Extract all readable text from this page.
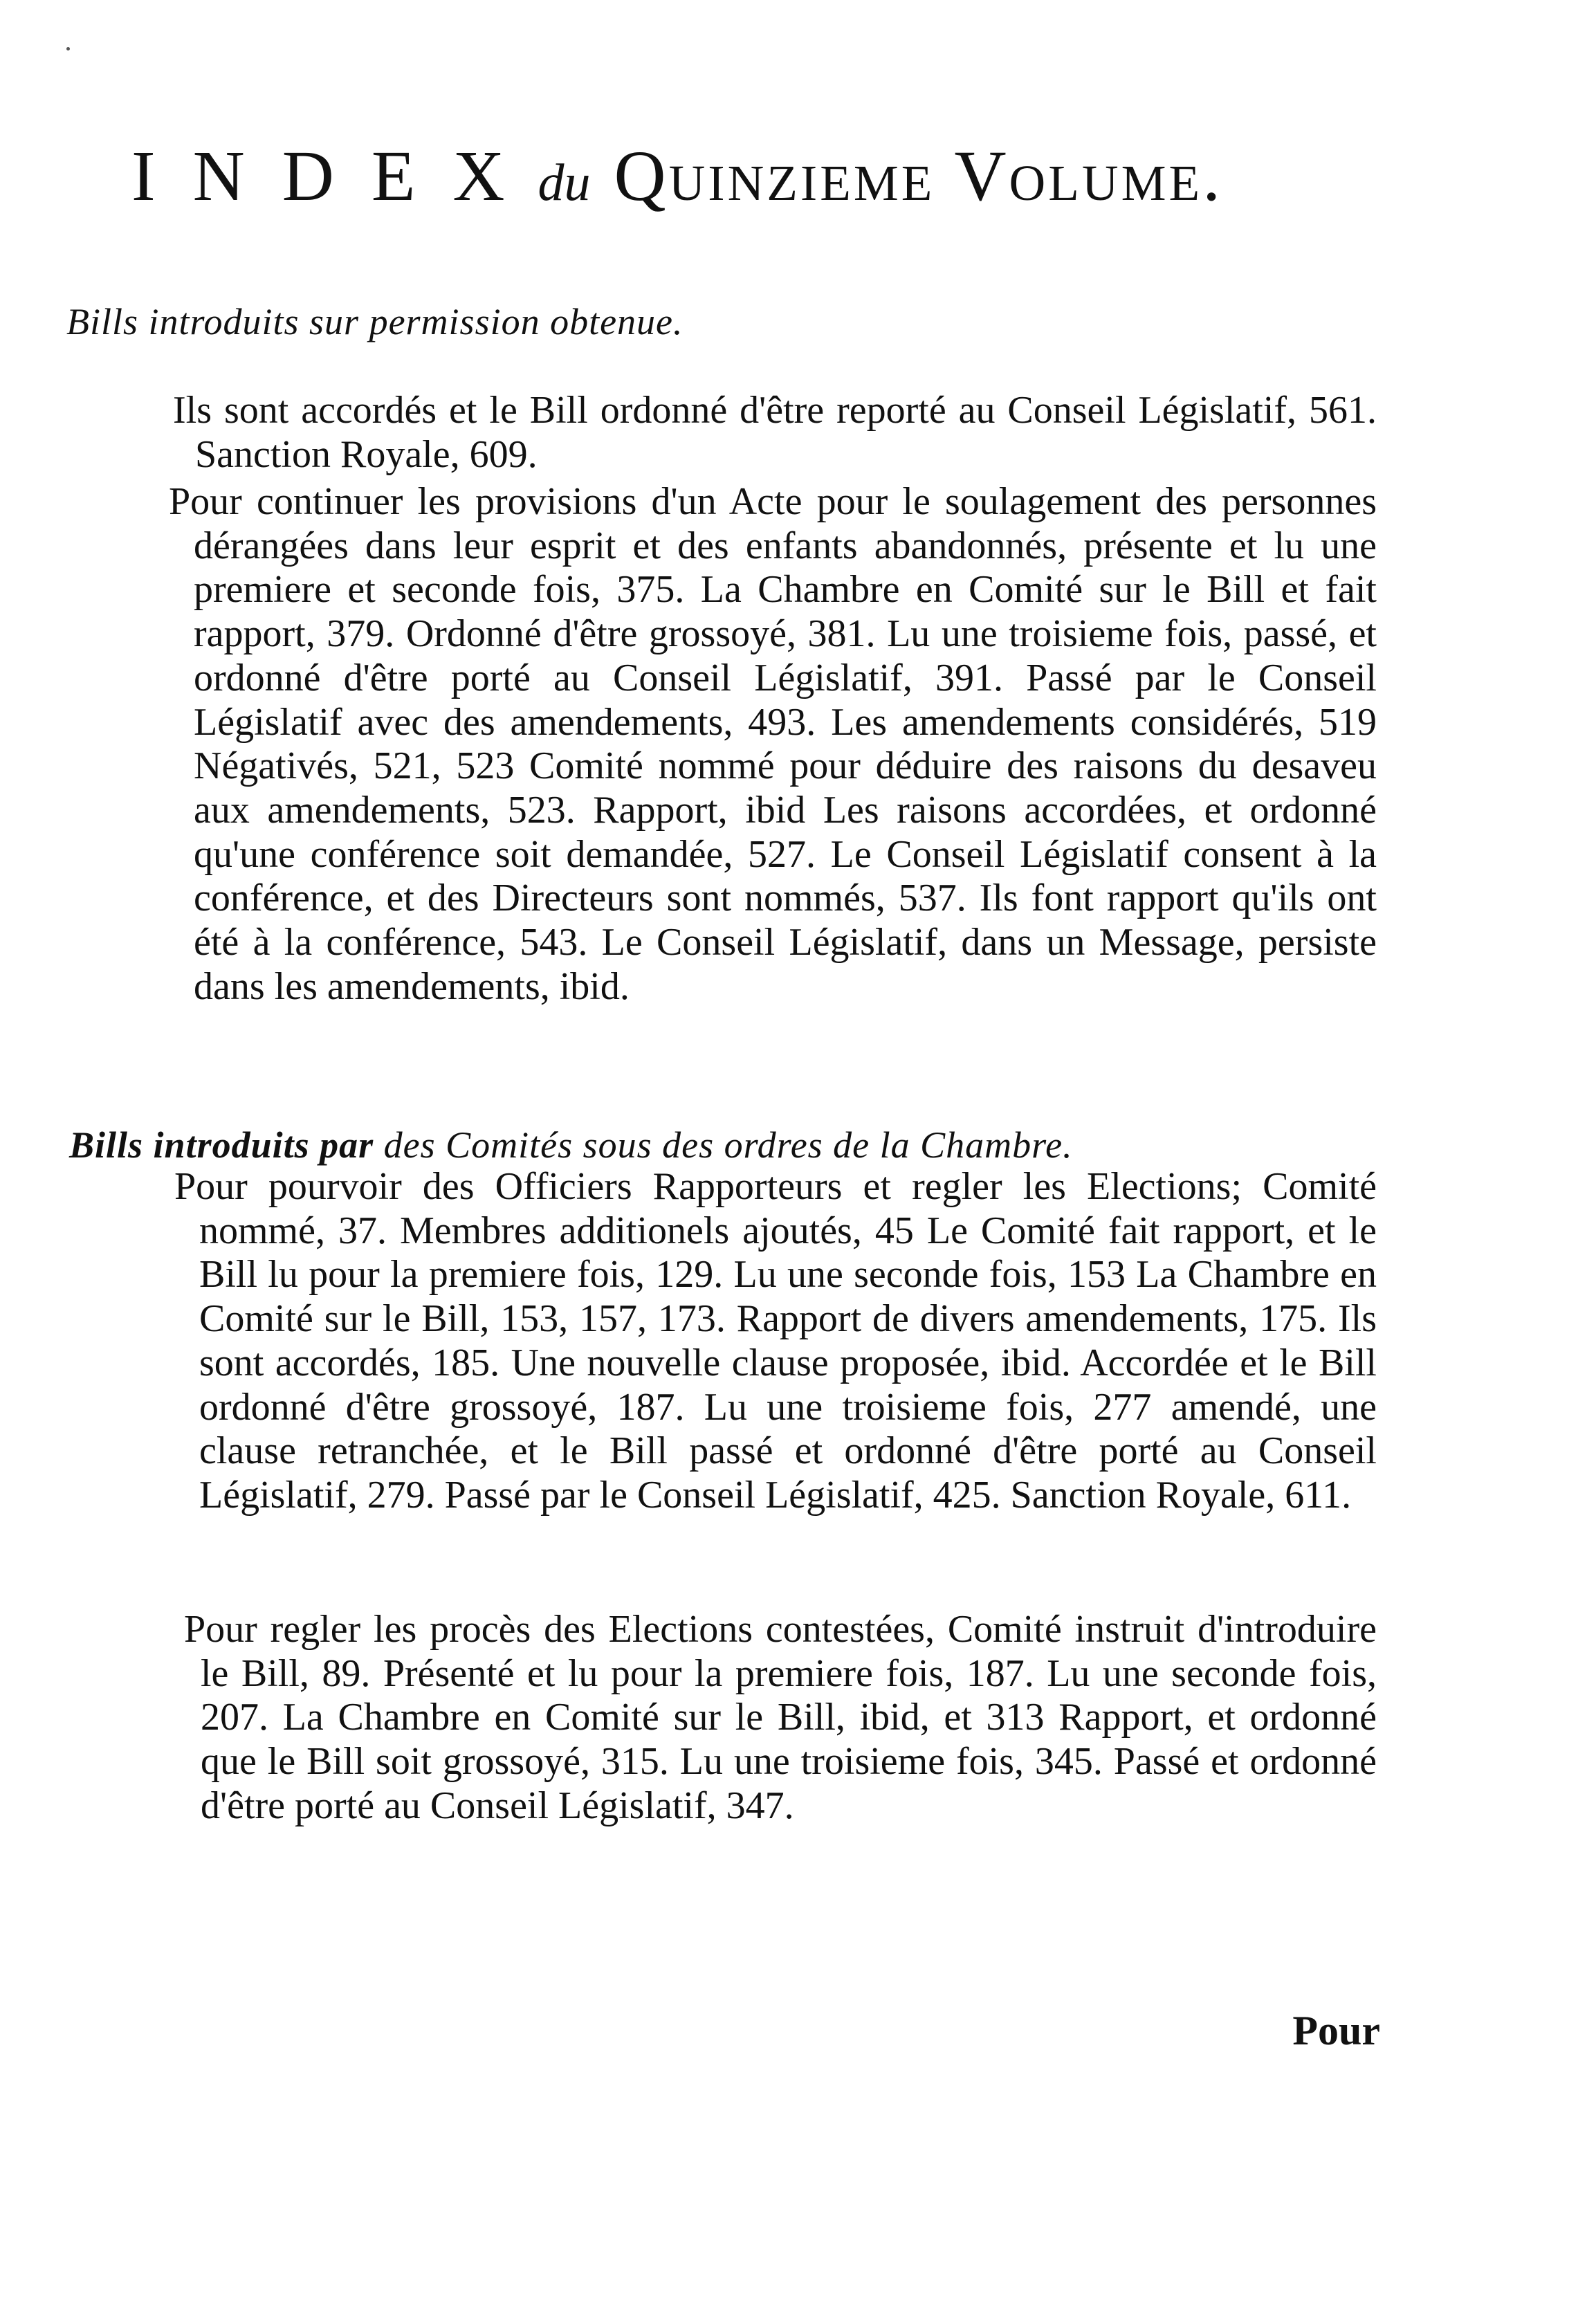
I N D E X du Quinzieme Volume.
Bills introduits sur permission obtenue.
Ils sont accordés et le Bill ordonné d'être reporté au Conseil Législatif, 561. Sanction Royale, 609.
Pour continuer les provisions d'un Acte pour le soulagement des personnes dérangées dans leur esprit et des enfants abandonnés, présente et lu une premiere et seconde fois, 375. La Chambre en Comité sur le Bill et fait rapport, 379. Ordonné d'être grossoyé, 381. Lu une troisieme fois, passé, et ordonné d'être porté au Conseil Législatif, 391. Passé par le Conseil Législatif avec des amendements, 493. Les amendements considérés, 519 Négativés, 521, 523 Comité nommé pour déduire des raisons du desaveu aux amendements, 523. Rapport, ibid Les raisons accordées, et ordonné qu'une conférence soit demandée, 527. Le Conseil Législatif consent à la conférence, et des Directeurs sont nommés, 537. Ils font rapport qu'ils ont été à la conférence, 543. Le Conseil Législatif, dans un Message, persiste dans les amendements, ibid.
Bills introduits par des Comités sous des ordres de la Chambre.
Pour pourvoir des Officiers Rapporteurs et regler les Elections; Comité nommé, 37. Membres additionels ajoutés, 45 Le Comité fait rapport, et le Bill lu pour la premiere fois, 129. Lu une seconde fois, 153 La Chambre en Comité sur le Bill, 153, 157, 173. Rapport de divers amendements, 175. Ils sont accordés, 185. Une nouvelle clause proposée, ibid. Accordée et le Bill ordonné d'être grossoyé, 187. Lu une troisieme fois, 277 amendé, une clause retranchée, et le Bill passé et ordonné d'être porté au Conseil Législatif, 279. Passé par le Conseil Législatif, 425. Sanction Royale, 611.
Pour regler les procès des Elections contestées, Comité instruit d'introduire le Bill, 89. Présenté et lu pour la premiere fois, 187. Lu une seconde fois, 207. La Chambre en Comité sur le Bill, ibid, et 313 Rapport, et ordonné que le Bill soit grossoyé, 315. Lu une troisieme fois, 345. Passé et ordonné d'être porté au Conseil Législatif, 347.
Pour
